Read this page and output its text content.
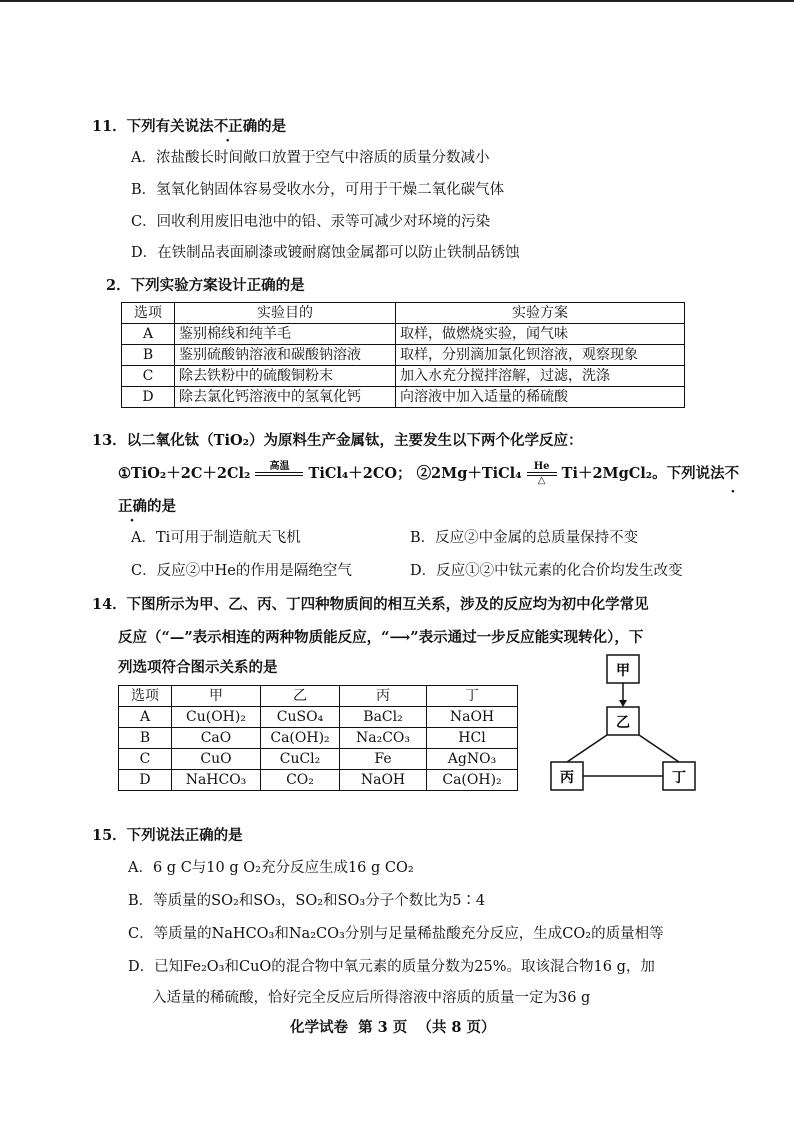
11．下列有关说法不正确的是
A．浓盐酸长时间敞口放置于空气中溶质的质量分数减小
B．氢氧化钠固体容易受收水分，可用于干燥二氧化碳气体
C．回收利用废旧电池中的铅、汞等可减少对环境的污染
D．在铁制品表面刷漆或镀耐腐蚀金属都可以防止铁制品锈蚀
2．下列实验方案设计正确的是
选项	实验目的	实验方案
A	鉴别棉线和纯羊毛	取样，做燃烧实验，闻气味
B	鉴别硫酸钠溶液和碳酸钠溶液	取样，分别滴加氯化钡溶液，观察现象
C	除去铁粉中的硫酸铜粉末	加入水充分搅拌溶解，过滤，洗涤
D	除去氯化钙溶液中的氢氧化钙	向溶液中加入适量的稀硫酸
13．以二氧化钛（TiO₂）为原料生产金属钛，主要发生以下两个化学反应：
①TiO₂＋2C＋2Cl₂	高温
	TiCl₄＋2CO； ②2Mg＋TiCl₄	He
△	Ti＋2MgCl₂。下列说法不
正确的是
A．Ti可用于制造航天飞机	B．反应②中金属的总质量保持不变
C．反应②中He的作用是隔绝空气	D．反应①②中钛元素的化合价均发生改变
14．下图所示为甲、乙、丙、丁四种物质间的相互关系，涉及的反应均为初中化学常见
反应（“—”表示相连的两种物质能反应，“⟶”表示通过一步反应能实现转化），下
列选项符合图示关系的是
选项	甲	乙	丙	丁
A	Cu(OH)₂	CuSO₄	BaCl₂	NaOH
B	CaO	Ca(OH)₂	Na₂CO₃	HCl
C	CuO	CuCl₂	Fe	AgNO₃
D	NaHCO₃	CO₂	NaOH	Ca(OH)₂
甲
乙
丙	丁
15．下列说法正确的是
A．6 g C与10 g O₂充分反应生成16 g CO₂
B．等质量的SO₂和SO₃，SO₂和SO₃分子个数比为5∶4
C．等质量的NaHCO₃和Na₂CO₃分别与足量稀盐酸充分反应，生成CO₂的质量相等
D．已知Fe₂O₃和CuO的混合物中氧元素的质量分数为25%。取该混合物16 g，加
入适量的稀硫酸，恰好完全反应后所得溶液中溶质的质量一定为36 g
化学试卷  第 3 页  （共 8 页）
